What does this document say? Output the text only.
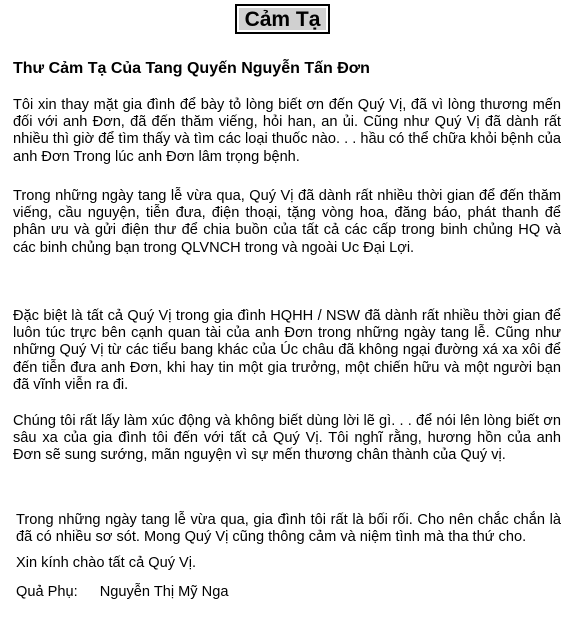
Cảm Tạ
Thư Cảm Tạ Của Tang Quyến Nguyễn Tấn Đơn
Tôi xin thay mặt gia đình để bày tỏ lòng biết ơn đến Quý Vị, đã vì lòng thương mến đối với anh Đơn, đã đến thăm viếng, hỏi han, an ủi. Cũng như Quý Vị đã dành rất nhiều thì giờ để tìm thấy và tìm các loại thuốc nào. . . hầu có thể chữa khỏi bệnh của anh Đơn Trong lúc anh Đơn lâm trọng bệnh.
Trong những ngày tang lễ vừa qua, Quý Vị đã dành rất nhiều thời gian để đến thăm viếng, cầu nguyện, tiễn đưa, điện thoại, tặng vòng hoa, đăng báo, phát thanh để phân ưu và gửi điện thư để chia buồn của tất cả các cấp trong binh chủng HQ và các binh chủng bạn trong QLVNCH trong và ngoài Uc Đại Lợi.
Đặc biệt là tất cả Quý Vị trong gia đình HQHH / NSW đã dành rất nhiều thời gian để luôn túc trực bên cạnh quan tài của anh Đơn trong những ngày tang lễ. Cũng như những Quý Vị từ các tiểu bang khác của Úc châu đã không ngại đường xá xa xôi để đến tiễn đưa anh Đơn, khi hay tin một gia trưởng, một chiến hữu và một người bạn đã vĩnh viễn ra đi.
Chúng tôi rất lấy làm xúc động và không biết dùng lời lẽ gì. . . để nói lên lòng biết ơn sâu xa của gia đình tôi đến với tất cả Quý Vị. Tôi nghĩ rằng, hương hồn của anh Đơn sẽ sung sướng, mãn nguyện vì sự mến thương chân thành của Quý vị.
Trong những ngày tang lễ vừa qua, gia đình tôi rất là bối rối. Cho nên chắc chắn là đã có nhiều sơ sót. Mong Quý Vị cũng thông cảm và niệm tình mà tha thứ cho.
Xin kính chào tất cả Quý Vị.
Quả Phụ: Nguyễn Thị Mỹ Nga
